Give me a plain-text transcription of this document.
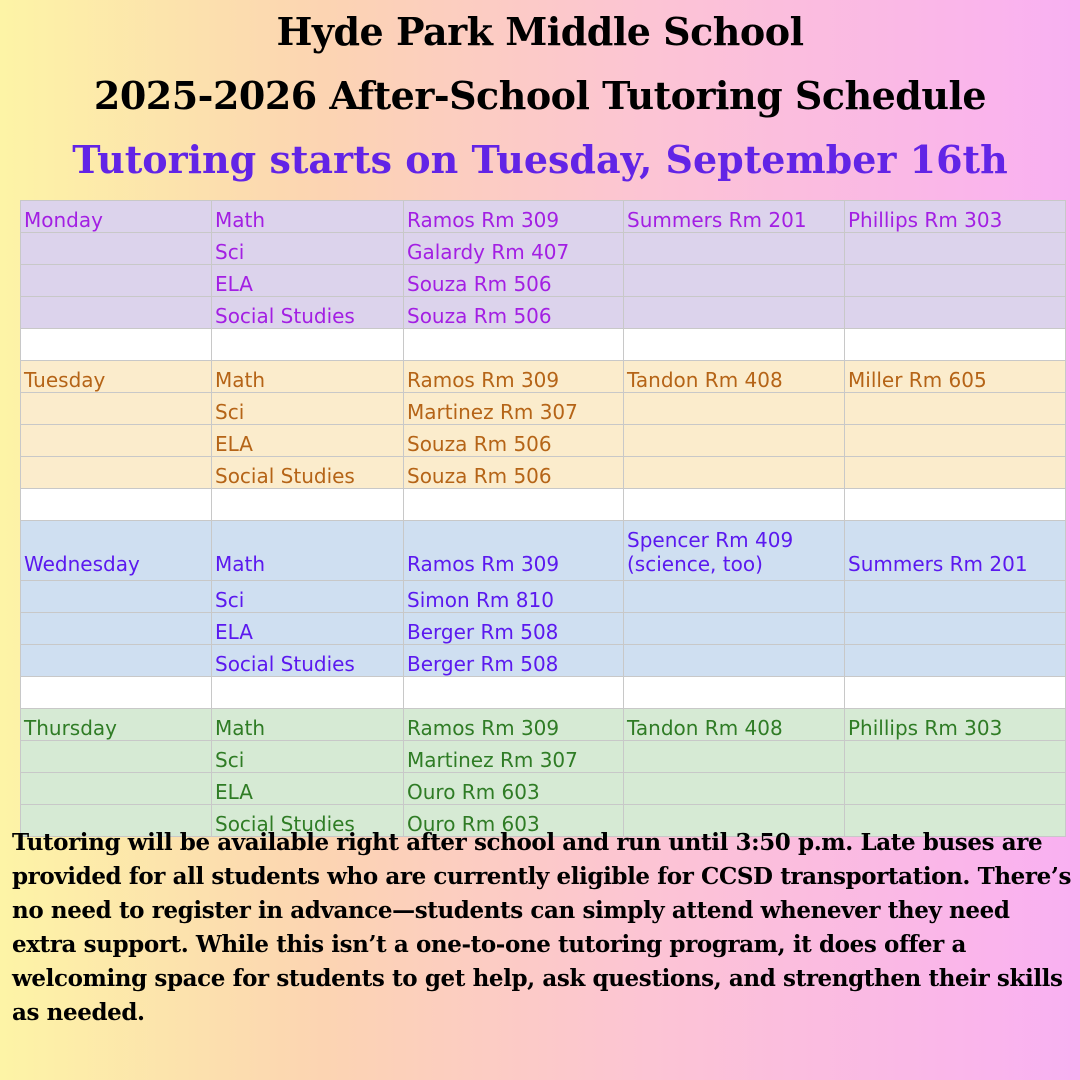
Hyde Park Middle School
2025-2026 After-School Tutoring Schedule
Tutoring starts on Tuesday, September 16th
Monday	Math	Ramos Rm 309	Summers Rm 201	Phillips Rm 303
	Sci	Galardy Rm 407		
	ELA	Souza Rm 506		
	Social Studies	Souza Rm 506		

Tuesday	Math	Ramos Rm 309	Tandon Rm 408	Miller Rm 605
	Sci	Martinez Rm 307		
	ELA	Souza Rm 506		
	Social Studies	Souza Rm 506		

Wednesday	Math	Ramos Rm 309	Spencer Rm 409 (science, too)	Summers Rm 201
	Sci	Simon Rm 810		
	ELA	Berger Rm 508		
	Social Studies	Berger Rm 508		

Thursday	Math	Ramos Rm 309	Tandon Rm 408	Phillips Rm 303
	Sci	Martinez Rm 307		
	ELA	Ouro Rm 603		
	Social Studies	Ouro Rm 603		
Tutoring will be available right after school and run until 3:50 p.m. Late buses are provided for all students who are currently eligible for CCSD transportation. There’s no need to register in advance—students can simply attend whenever they need extra support. While this isn’t a one-to-one tutoring program, it does offer a welcoming space for students to get help, ask questions, and strengthen their skills as needed.
